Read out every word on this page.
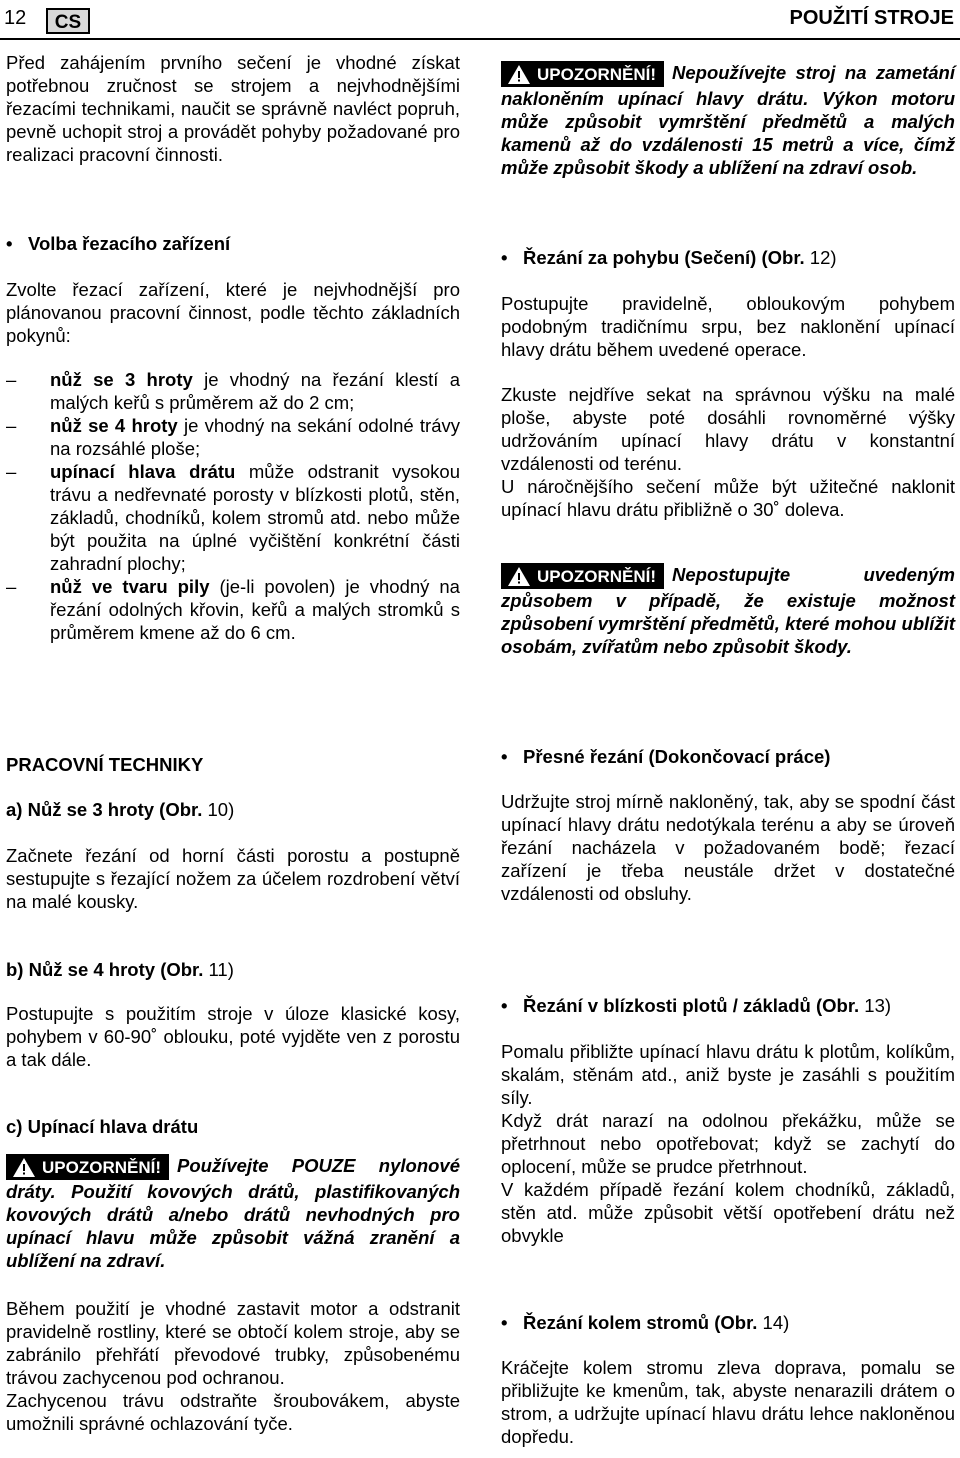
12	CS	POUŽITÍ STROJE

Před zahájením prvního sečení je vhodné získat potřebnou zručnost se strojem a nejvhodnějšími řezacími technikami, naučit se správně navléct popruh, pevně uchopit stroj a provádět pohyby požadované pro realizaci pracovní činnosti.

• Volba řezacího zařízení

Zvolte řezací zařízení, které je nejvhodnější pro plánovanou pracovní činnost, podle těchto základních pokynů:

–	nůž se 3 hroty je vhodný na řezání klestí a malých keřů s průměrem až do 2 cm;
–	nůž se 4 hroty je vhodný na sekání odolné trávy na rozsáhlé ploše;
–	upínací hlava drátu může odstranit vysokou trávu a nedřevnaté porosty v blízkosti plotů, stěn, základů, chodníků, kolem stromů atd. nebo může být použita na úplné vyčištění konkrétní části zahradní plochy;
–	nůž ve tvaru pily (je-li povolen) je vhodný na řezání odolných křovin, keřů a malých stromků s průměrem kmene až do 6 cm.

PRACOVNÍ TECHNIKY

a) Nůž se 3 hroty (Obr. 10)

Začnete řezání od horní části porostu a postupně sestupujte s řezající nožem za účelem rozdrobení větví na malé kousky.

b) Nůž se 4 hroty (Obr. 11)

Postupujte s použitím stroje v úloze klasické kosy, pohybem v 60-90˚ oblouku, poté vyjděte ven z porostu a tak dále.

c) Upínací hlava drátu

UPOZORNĚNÍ! Používejte POUZE nylonové dráty. Použití kovových drátů, plastifikovaných kovových drátů a/nebo drátů nevhodných pro upínací hlavu může způsobit vážná zranění a ublížení na zdraví.

Během použití je vhodné zastavit motor a odstranit pravidelně rostliny, které se obtočí kolem stroje, aby se zabránilo přehřátí převodové trubky, způsobenému trávou zachycenou pod ochranou.

Zachycenou trávu odstraňte šroubovákem, abyste umožnili správné ochlazování tyče.

UPOZORNĚNÍ! Nepoužívejte stroj na zametání nakloněním upínací hlavy drátu. Výkon motoru může způsobit vymrštění předmětů a malých kamenů až do vzdálenosti 15 metrů a více, čímž může způsobit škody a ublížení na zdraví osob.
• Řezání za pohybu (Sečení) (Obr. 12)

Postupujte pravidelně, obloukovým pohybem podobným tradičnímu srpu, bez naklonění upínací hlavy drátu během uvedené operace.

Zkuste nejdříve sekat na správnou výšku na malé ploše, abyste poté dosáhli rovnoměrné výšky udržováním upínací hlavy drátu v konstantní vzdálenosti od terénu.

U náročnějšího sečení může být užitečné naklonit upínací hlavu drátu přibližně o 30˚ doleva.

UPOZORNĚNÍ! Nepostupujte uvedeným způsobem v případě, že existuje možnost způsobení vymrštění předmětů, které mohou ublížit osobám, zvířatům nebo způsobit škody.
• Přesné řezání (Dokončovací práce)

Udržujte stroj mírně nakloněný, tak, aby se spodní část upínací hlavy drátu nedotýkala terénu a aby se úroveň řezání nacházela v požadovaném bodě; řezací zařízení je třeba neustále držet v dostatečné vzdálenosti od obsluhy.

• Řezání v blízkosti plotů / základů (Obr. 13)

Pomalu přibližte upínací hlavu drátu k plotům, kolíkům, skalám, stěnám atd., aniž byste je zasáhli s použitím síly.

Když drát narazí na odolnou překážku, může se přetrhnout nebo opotřebovat; když se zachytí do oplocení, může se prudce přetrhnout.

V každém případě řezání kolem chodníků, základů, stěn atd. může způsobit větší opotřebení drátu než obvykle

• Řezání kolem stromů (Obr. 14)

Kráčejte kolem stromu zleva doprava, pomalu se přibližujte ke kmenům, tak, abyste nenarazili drátem o strom, a udržujte upínací hlavu drátu lehce nakloněnou dopředu.
